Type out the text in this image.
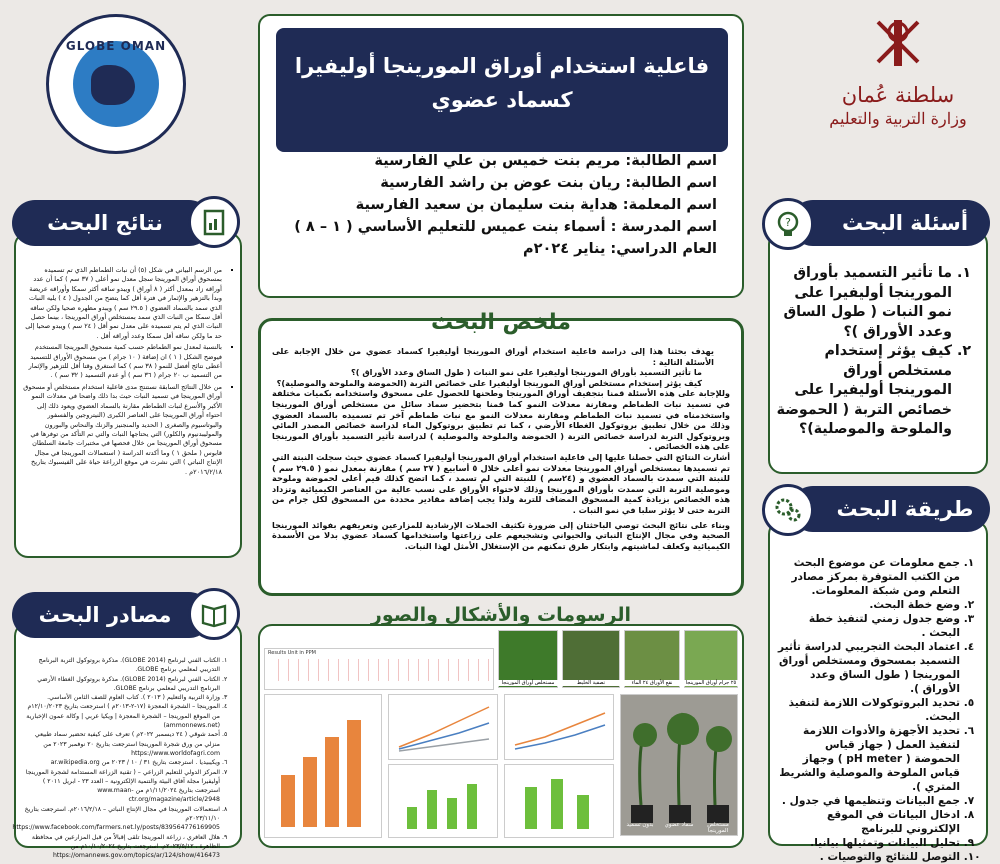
فاعلية استخدام أوراق المورينجا أوليفيرا
كسماد عضوي
اسم الطالبة: مريم بنت خميس بن علي الفارسية
اسم الطالبة: ريان بنت عوض بن راشد الفارسية
اسم المعلمة: هداية بنت سليمان بن سعيد الفارسية
اسم المدرسة : أسماء بنت عميس للتعليم الأساسي ( ١ – ٨ )
العام الدراسي: يناير ٢٠٢٤م
سلطنة عُمان
وزارة التربية والتعليم
GLOBE OMAN
أسئلة البحث
?
1. ما تأثير التسميد بأوراق المورينجا أوليفيرا على نمو النبات ( طول الساق وعدد الأوراق )؟
2. كيف يؤثر إستخدام مستخلص أوراق المورينجا أوليفيرا على خصائص التربة ( الحموضة والملوحة والموصلية)؟
طريقة البحث
1. جمع معلومات عن موضوع البحث من الكتب المتوفرة بمركز مصادر التعلم ومن شبكة المعلومات.
2. وضع خطة البحث.
3. وضع جدول زمني لتنفيذ خطة البحث .
4. اعتماد البحث التجريبي لدراسة تأثير التسميد بمسحوق ومستخلص أوراق المورينجا ( طول الساق وعدد الأوراق ).
5. تحديد البروتوكولات اللازمة لتنفيذ البحث.
6. تحديد الأجهزة والأدوات اللازمة لتنفيذ العمل ( جهاز قياس الحموضة ( pH meter ) وجهاز قياس الملوحة والموصلية والشريط المتري ).
7. جمع البيانات وتنظيمها في جدول .
8. ادخال البيانات في الموقع الإلكتروني للبرنامج
9. تحليل البيانات وتمثيلها بيانيا.
10. التوصل للنتائج والتوصيات .
نتائج البحث
▪ من الرسم البياني في شكل (٥) أن نبات الطماطم الذي تم تسميده بمسحوق أوراق المورينجا سجل معدل نمو أعلى ( ٣٧ سم ) كما أن عدد أوراقه زاد بمعدل أكثر ( ٨ أوراق ) ويبدو ساقه أكثر سمكا وأوراقه عريضة وبدأ بالتزهير والإثمار في فترة أقل كما يتضح من الجدول ( ٤ ) يليه النبات الذي سمد بالسماد العضوي ( ٢٩.٥ سم ) ويبدو مظهره صحيا ولكن ساقه أقل سمكا من النبات الذي سمد بمستخلص أوراق المورينجا ، بينما حصل النبات الذي لم يتم تسميده على معدل نمو أقل ( ٢٤ سم ) ويبدو صحيا إلى حد ما ولكن ساقه أقل سمكا وعدد أوراقه أقل .
▪ بالنسبة لمعدل نمو الطماطم حسب كمية مسحوق المورينجا المستخدم فيوضح الشكل ( ١ ) ان إضافة ( ١٠ جرام ) من مسحوق الأوراق للتسميد أعطى نتائج أفضل للنمو ( ٣٨ سم ) كما استغرق وقتا أقل للتزهير والإثمار من التسميد ب ٢٠ جرام ( ٣٦ سم ) أو عدم التسميد ( ٣٢ سم ) .
▪ من خلال النتائج السابقة نستنتج مدى فاعلية استخدام مستخلص أو مسحوق أوراق المورينجا في تسميد النبات حيث بدا ذلك واضحا في معدلات النمو الأكبر والأسرع لنبات الطماطم مقارنة بالسماد العضوي ويعود ذلك إلى احتواء أوراق المورينجا على العناصر الكبرى (النيتروجين والفسفور والبوتاسيوم والصغرى ( الحديد والمنجنيز والزنك والنحاس والبورون والموليبدنيوم والكلور) التي يحتاجها النبات والتي تم التأكد من توفرها في مسحوق أوراق المورينجا من خلال فحصها في مختبرات جامعة السلطان قابوس ( ملحق ١ ) وما أكدته الدراسة ( استعمالات المورينجا في مجال الإنتاج النباتي ) التي نشرت في موقع الزراعة حياة على الفيسبوك بتاريخ ٢٠١٦/٢/١٨م .
مصادر البحث
1. الكتاب الفني لبرنامج (GLOBE 2014). مذكرة بروتوكول التربة البرنامج التدريبي لمعلمي برنامج GLOBE.
2. الكتاب الفني لبرنامج (GLOBE 2014). مذكرة بروتوكول الغطاء الأرضي البرنامج التدريبي لمعلمي برنامج GLOBE.
3. وزارة التربية والتعليم ( ٢٠١٣ ). كتاب العلوم للصف الثامن الأساسي.
4. المورينجا – الشجرة المعجزة (١٧-٢-٢٠١٣م ) استرجعت بتاريخ ١٢/١٠/٢٠٢٣م من الموقع المورينجا – الشجرة المعجزة | ويكيا عربي | وكالة عمون الإخبارية (ammonnews.net)
5. أحمد شوقي ( ٢٤ ديسمبر ٢٠٢٢م ) تعرف على كيفية تحضير سماد طبيعي منزلي من ورق شجرة المورينجا استرجعت بتاريخ ٢٠ نوفمبر ٢٠٢٣ من https://www.worldofagri.com
6. ويكيبيديا . استرجعت بتاريخ ٣١ / ١٠ / ٢٠٢٣ من ar.wikipedia.org
7. المركز الدولي للتعليم الزراعي – ( تقنية الزراعة المستدامة لشجرة المورينجا أوليفيرا مجلة آفاق البيئة والتنمية الإلكترونية – العدد ٢٣ - ابريل ٢٠١١ ) استرجعت بتاريخ ١/١١/٢٠٢٤م من www.maan-ctr.org/magazine/article/2948
8. استعمالات المورينجا في مجال الإنتاج النباتي – ٢٠١٦/٢/١٨م. استرجعت بتاريخ ٢٠٢٣/١١/١٠م https://www.facebook.com/farmers.net.ly/posts/839564776169905
9. هلال العافري ، زراعة المورينجا تلقى إقبالاً من قبل المزارعين في محافظة الظاهرة ، ٢٠٢٣/٥/١٢م. استرجعت بتاريخ ١٠/١٠/٢٠٢٤م من https://omannews.gov.om/topics/ar/124/show/416473
ملخص البحث
يهدف بحثنا هذا إلى دراسة فاعلية استخدام أوراق المورينجا أوليفيرا كسماد عضوي من خلال الإجابة على الأسئلة التالية :
ما تأثير التسميد بأوراق المورينجا أوليفيرا على نمو النبات ( طول الساق وعدد الأوراق )؟
كيف يؤثر إستخدام مستخلص أوراق المورينجا أوليفيرا على خصائص التربة (الحموضة والملوحة والموصلية)؟
وللإجابة على هذه الأسئلة قمنا بتجفيف أوراق المورينجا وطحنها للحصول على مسحوق واستخدامه بكميات مختلفة في تسميد نبات الطماطم ومقارنة معدلات النمو كما قمنا بتحضير سماد سائل من مستخلص أوراق المورينجا واستخدمناه في تسميد نبات الطماطم ومقارنة معدلات النمو مع نبات طماطم آخر تم تسميده بالسماد العضوي وذلك من خلال تطبيق بروتوكول الغطاء الأرضي ، كما تم تطبيق بروتوكول الماء لدراسة خصائص المصدر المائي وبروتوكول التربة لدراسة خصائص التربة ( الحموضة والملوحة والموصلية ) لدراسة تأثير التسميد بأوراق المورينجا على هذه الخصائص .
أشارت النتائج التي حصلنا عليها إلى فاعلية استخدام أوراق المورينجا أوليفيرا كسماد عضوي حيث سجلت النبتة التي تم تسميدها بمستخلص أوراق المورينجا معدلات نمو أعلى خلال ٥ أسابيع ( ٣٧ سم ) مقارنة بمعدل نمو ( ٢٩.٥ سم ) للنبتة التي سمدت بالسماد العضوي و (٢٤سم ) للنبتة التي لم تسمد ، كما اتضح كذلك قيم أعلى لحموضة وملوحة وموصلية التربة التي سمدت بأوراق المورينجا وذلك لاحتواء الأوراق على نسب عالية من العناصر الكيميائية وتزداد هذه الخصائص بزيادة كمية المسحوق المضاف للتربة ولذا يجب إضافة مقادير محددة من المسحوق لكل جرام من التربة حتى لا يؤثر سلبا في نمو النبات .
وبناء على نتائج البحث توصي الباحثتان إلى ضرورة تكثيف الحملات الإرشادية للمزارعين وتعريفهم بفوائد المورينجا الصحية وفي مجال الإنتاج النباتي والحيواني وتشجيعهم على زراعتها واستخدامها كسماد عضوي بدلا من الأسمدة الكيميائية وكعلف لماشيتهم وابتكار طرق تمكنهم من الإستغلال الأمثل لهذا النبات.
الرسومات والأشكال والصور
Results Unit in PPM
مستخلص أوراق المورينجا	تصفية الخليط	نقع الأوراق ٢٤ الماء	٢٥ جرام أوراق المورينجا
بدون تسميد	سماد عضوي	مستخلص المورينجا
